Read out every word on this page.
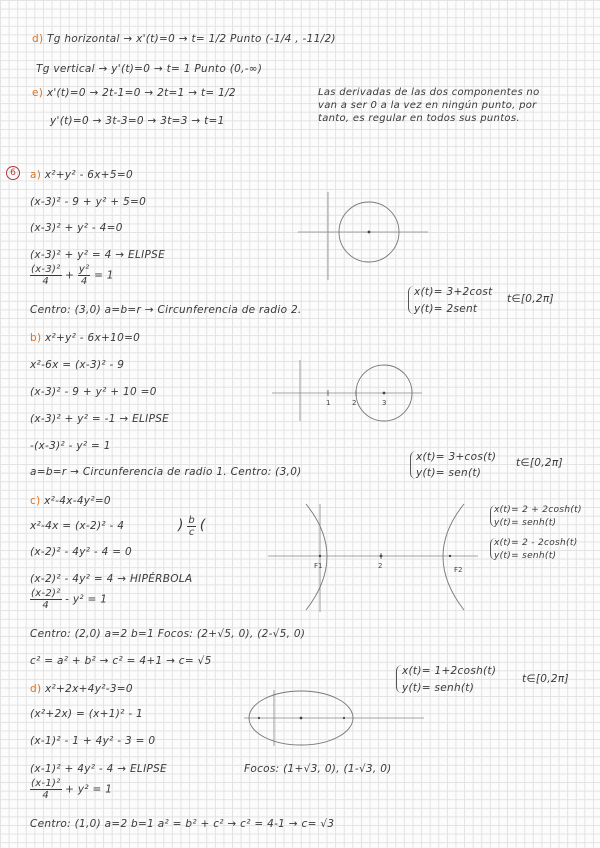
d) Tg horizontal → x'(t)=0 → t= 1/2 Punto (-1/4 , -11/2)
Tg vertical → y'(t)=0 → t= 1 Punto (0,-∞)
e) x'(t)=0 → 2t-1=0 → 2t=1 → t= 1/2
y'(t)=0 → 3t-3=0 → 3t=3 → t=1
Las derivadas de las dos componentes no
van a ser 0 a la vez en ningún punto, por
tanto, es regular en todos sus puntos.
6	a) x²+y² - 6x+5=0
(x-3)² - 9 + y² + 5=0
(x-3)² + y² - 4=0
(x-3)² + y² = 4 → ELIPSE
$\frac{\text{(x-3)²}}{4} + \frac{\text{y²}}{4} = 1$
Centro: (3,0) a=b=r → Circunferencia de radio 2.
x(t)= 3+2cost
y(t)= 2sent
t∈[0,2π]
b) x²+y² - 6x+10=0
x²-6x = (x-3)² - 9
(x-3)² - 9 + y² + 10 =0
(x-3)² + y² = -1 → ELIPSE
-(x-3)² - y² = 1
a=b=r → Circunferencia de radio 1. Centro: (3,0)
x(t)= 3+cos(t)
y(t)= sen(t)
t∈[0,2π]
1	2	3
c) x²-4x-4y²=0
x²-4x = (x-2)² - 4
(x-2)² - 4y² - 4 = 0
(x-2)² - 4y² = 4 → HIPÉRBOLA
$\frac{\text{(x-2)²}}{4} - y^2 = 1$
) $\frac{b}{c}$ (
Centro: (2,0) a=2 b=1 Focos: (2+√5, 0), (2-√5, 0)
c² = a² + b² → c² = 4+1 → c= √5
x(t)= 2 + 2cosh(t)
y(t)= senh(t)
x(t)= 2 - 2cosh(t)
y(t)= senh(t)
2
F1	F2
d) x²+2x+4y²-3=0
(x²+2x) = (x+1)² - 1
(x-1)² - 1 + 4y² - 3 = 0
(x-1)² + 4y² - 4 → ELIPSE	Focos: (1+√3, 0), (1-√3, 0)
$\frac{\text{(x-1)²}}{4} + y^2 = 1$
Centro: (1,0) a=2 b=1 a² = b² + c² → c² = 4-1 → c= √3
x(t)= 1+2cosh(t)
y(t)= senh(t)
t∈[0,2π]
